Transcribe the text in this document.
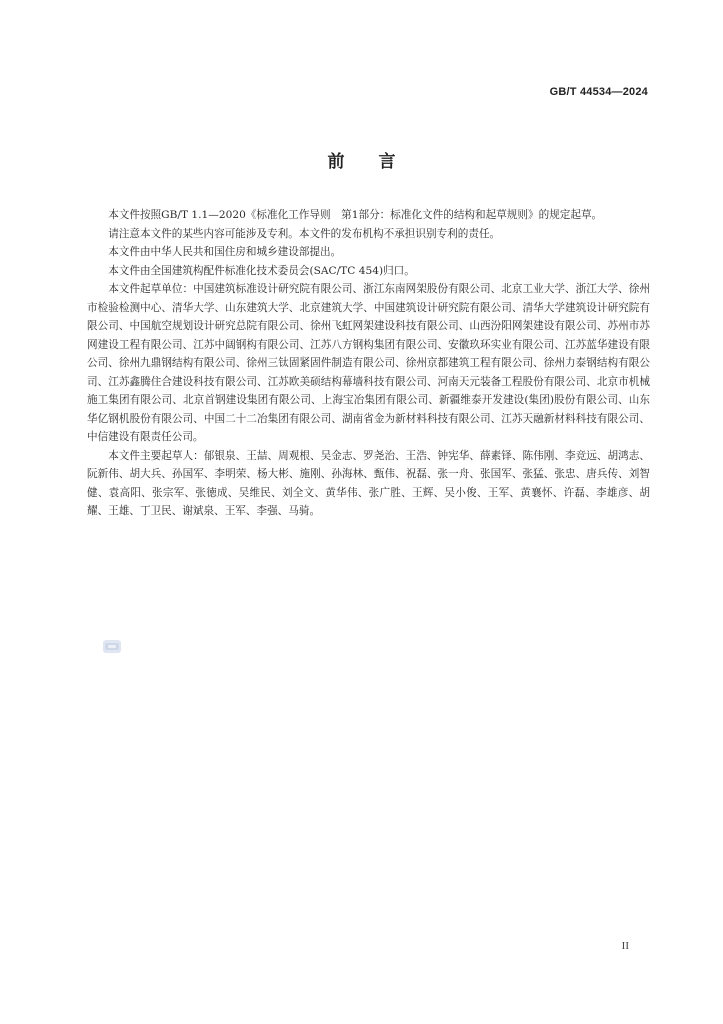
GB/T 44534—2024
前 言

本文件按照GB/T 1.1—2020《标准化工作导则　第1部分：标准化文件的结构和起草规则》的规定起草。

请注意本文件的某些内容可能涉及专利。本文件的发布机构不承担识别专利的责任。

本文件由中华人民共和国住房和城乡建设部提出。

本文件由全国建筑构配件标准化技术委员会(SAC/TC 454)归口。

本文件起草单位：中国建筑标准设计研究院有限公司、浙江东南网架股份有限公司、北京工业大学、浙江大学、徐州市检验检测中心、清华大学、山东建筑大学、北京建筑大学、中国建筑设计研究院有限公司、清华大学建筑设计研究院有限公司、中国航空规划设计研究总院有限公司、徐州飞虹网架建设科技有限公司、山西汾阳网架建设有限公司、苏州市苏网建设工程有限公司、江苏中阔钢构有限公司、江苏八方钢构集团有限公司、安徽玖环实业有限公司、江苏蓝华建设有限公司、徐州九鼎钢结构有限公司、徐州三钛固紧固件制造有限公司、徐州京都建筑工程有限公司、徐州力泰钢结构有限公司、江苏鑫腾住合建设科技有限公司、江苏欧美硕结构幕墙科技有限公司、河南天元装备工程股份有限公司、北京市机械施工集团有限公司、北京首钢建设集团有限公司、上海宝冶集团有限公司、新疆维泰开发建设(集团)股份有限公司、山东华亿钢机股份有限公司、中国二十二冶集团有限公司、湖南省金为新材料科技有限公司、江苏天融新材料科技有限公司、中信建设有限责任公司。

本文件主要起草人：郁银泉、王喆、周观根、吴金志、罗尧治、王浩、钟宪华、薛素铎、陈伟刚、李竞远、胡鸿志、阮新伟、胡大兵、孙国军、李明荣、杨大彬、施刚、孙海林、甄伟、祝磊、张一舟、张国军、张猛、张忠、唐兵传、刘智健、袁高阳、张宗军、张徳成、吴维民、刘全文、黄华伟、张广胜、王辉、吴小俊、王军、黄襄怀、许磊、李雄彦、胡耀、王雄、丁卫民、谢斌泉、王军、李强、马骑。

II
